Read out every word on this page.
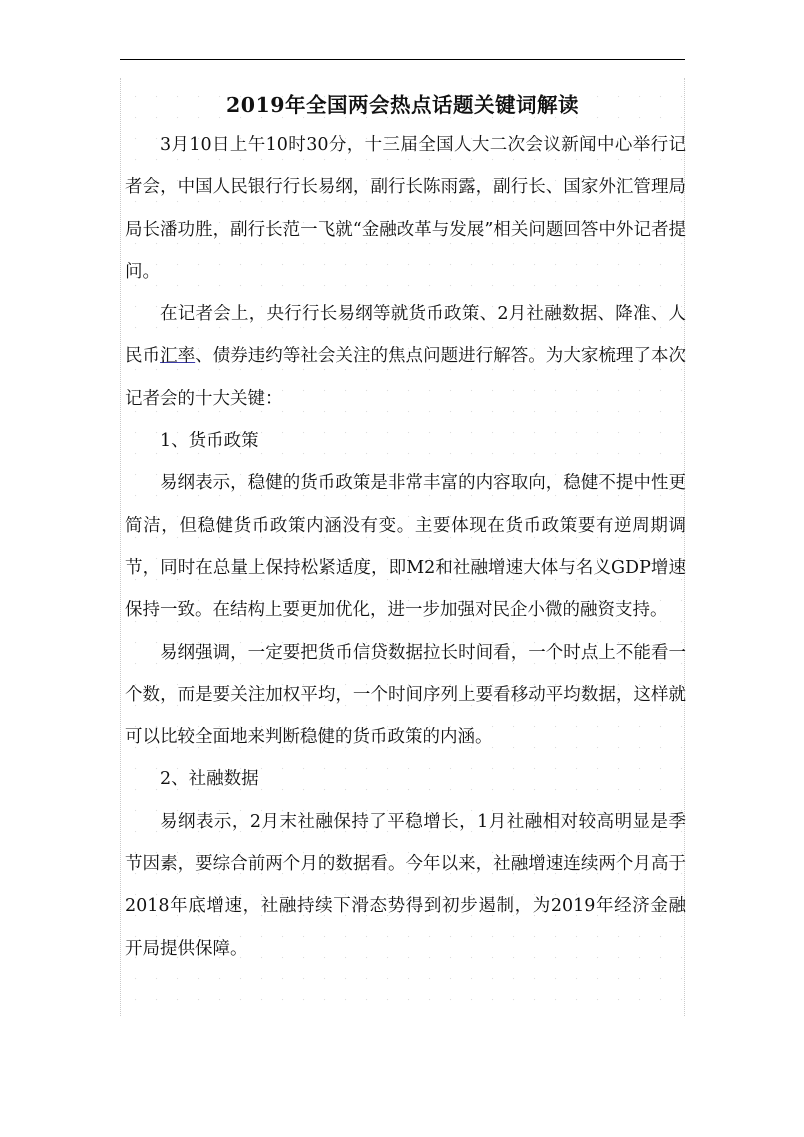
2019年全国两会热点话题关键词解读

3月10日上午10时30分，十三届全国人大二次会议新闻中心举行记者会，中国人民银行行长易纲，副行长陈雨露，副行长、国家外汇管理局局长潘功胜，副行长范一飞就“金融改革与发展”相关问题回答中外记者提问。

在记者会上，央行行长易纲等就货币政策、2月社融数据、降准、人民币汇率、债券违约等社会关注的焦点问题进行解答。为大家梳理了本次记者会的十大关键：

1、货币政策

易纲表示，稳健的货币政策是非常丰富的内容取向，稳健不提中性更简洁，但稳健货币政策内涵没有变。主要体现在货币政策要有逆周期调节，同时在总量上保持松紧适度，即M2和社融增速大体与名义GDP增速保持一致。在结构上要更加优化，进一步加强对民企小微的融资支持。

易纲强调，一定要把货币信贷数据拉长时间看，一个时点上不能看一个数，而是要关注加权平均，一个时间序列上要看移动平均数据，这样就可以比较全面地来判断稳健的货币政策的内涵。

2、社融数据

易纲表示，2月末社融保持了平稳增长，1月社融相对较高明显是季节因素，要综合前两个月的数据看。今年以来，社融增速连续两个月高于2018年底增速，社融持续下滑态势得到初步遏制，为2019年经济金融开局提供保障。
